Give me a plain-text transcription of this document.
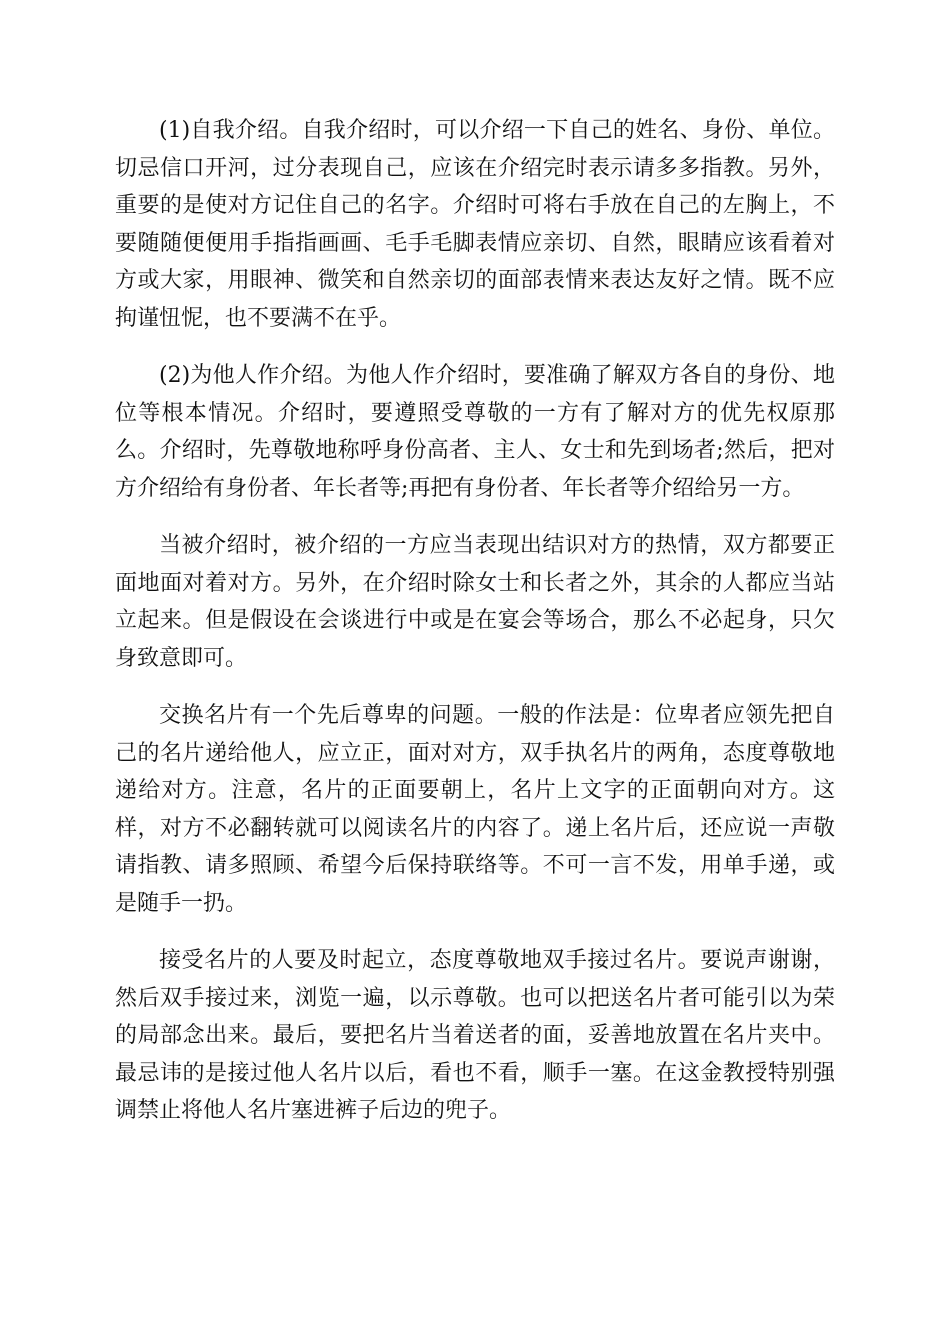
(1)自我介绍。自我介绍时，可以介绍一下自己的姓名、身份、单位。切忌信口开河，过分表现自己，应该在介绍完时表示请多多指教。另外，重要的是使对方记住自己的名字。介绍时可将右手放在自己的左胸上，不要随随便便用手指指画画、毛手毛脚表情应亲切、自然，眼睛应该看着对方或大家，用眼神、微笑和自然亲切的面部表情来表达友好之情。既不应拘谨忸怩，也不要满不在乎。

(2)为他人作介绍。为他人作介绍时，要准确了解双方各自的身份、地位等根本情况。介绍时，要遵照受尊敬的一方有了解对方的优先权原那么。介绍时，先尊敬地称呼身份高者、主人、女士和先到场者;然后，把对方介绍给有身份者、年长者等;再把有身份者、年长者等介绍给另一方。

当被介绍时，被介绍的一方应当表现出结识对方的热情，双方都要正面地面对着对方。另外，在介绍时除女士和长者之外，其余的人都应当站立起来。但是假设在会谈进行中或是在宴会等场合，那么不必起身，只欠身致意即可。

交换名片有一个先后尊卑的问题。一般的作法是：位卑者应领先把自己的名片递给他人，应立正，面对对方，双手执名片的两角，态度尊敬地递给对方。注意，名片的正面要朝上，名片上文字的正面朝向对方。这样，对方不必翻转就可以阅读名片的内容了。递上名片后，还应说一声敬请指教、请多照顾、希望今后保持联络等。不可一言不发，用单手递，或是随手一扔。

接受名片的人要及时起立，态度尊敬地双手接过名片。要说声谢谢，然后双手接过来，浏览一遍，以示尊敬。也可以把送名片者可能引以为荣的局部念出来。最后，要把名片当着送者的面，妥善地放置在名片夹中。最忌讳的是接过他人名片以后，看也不看，顺手一塞。在这金教授特别强调禁止将他人名片塞进裤子后边的兜子。
